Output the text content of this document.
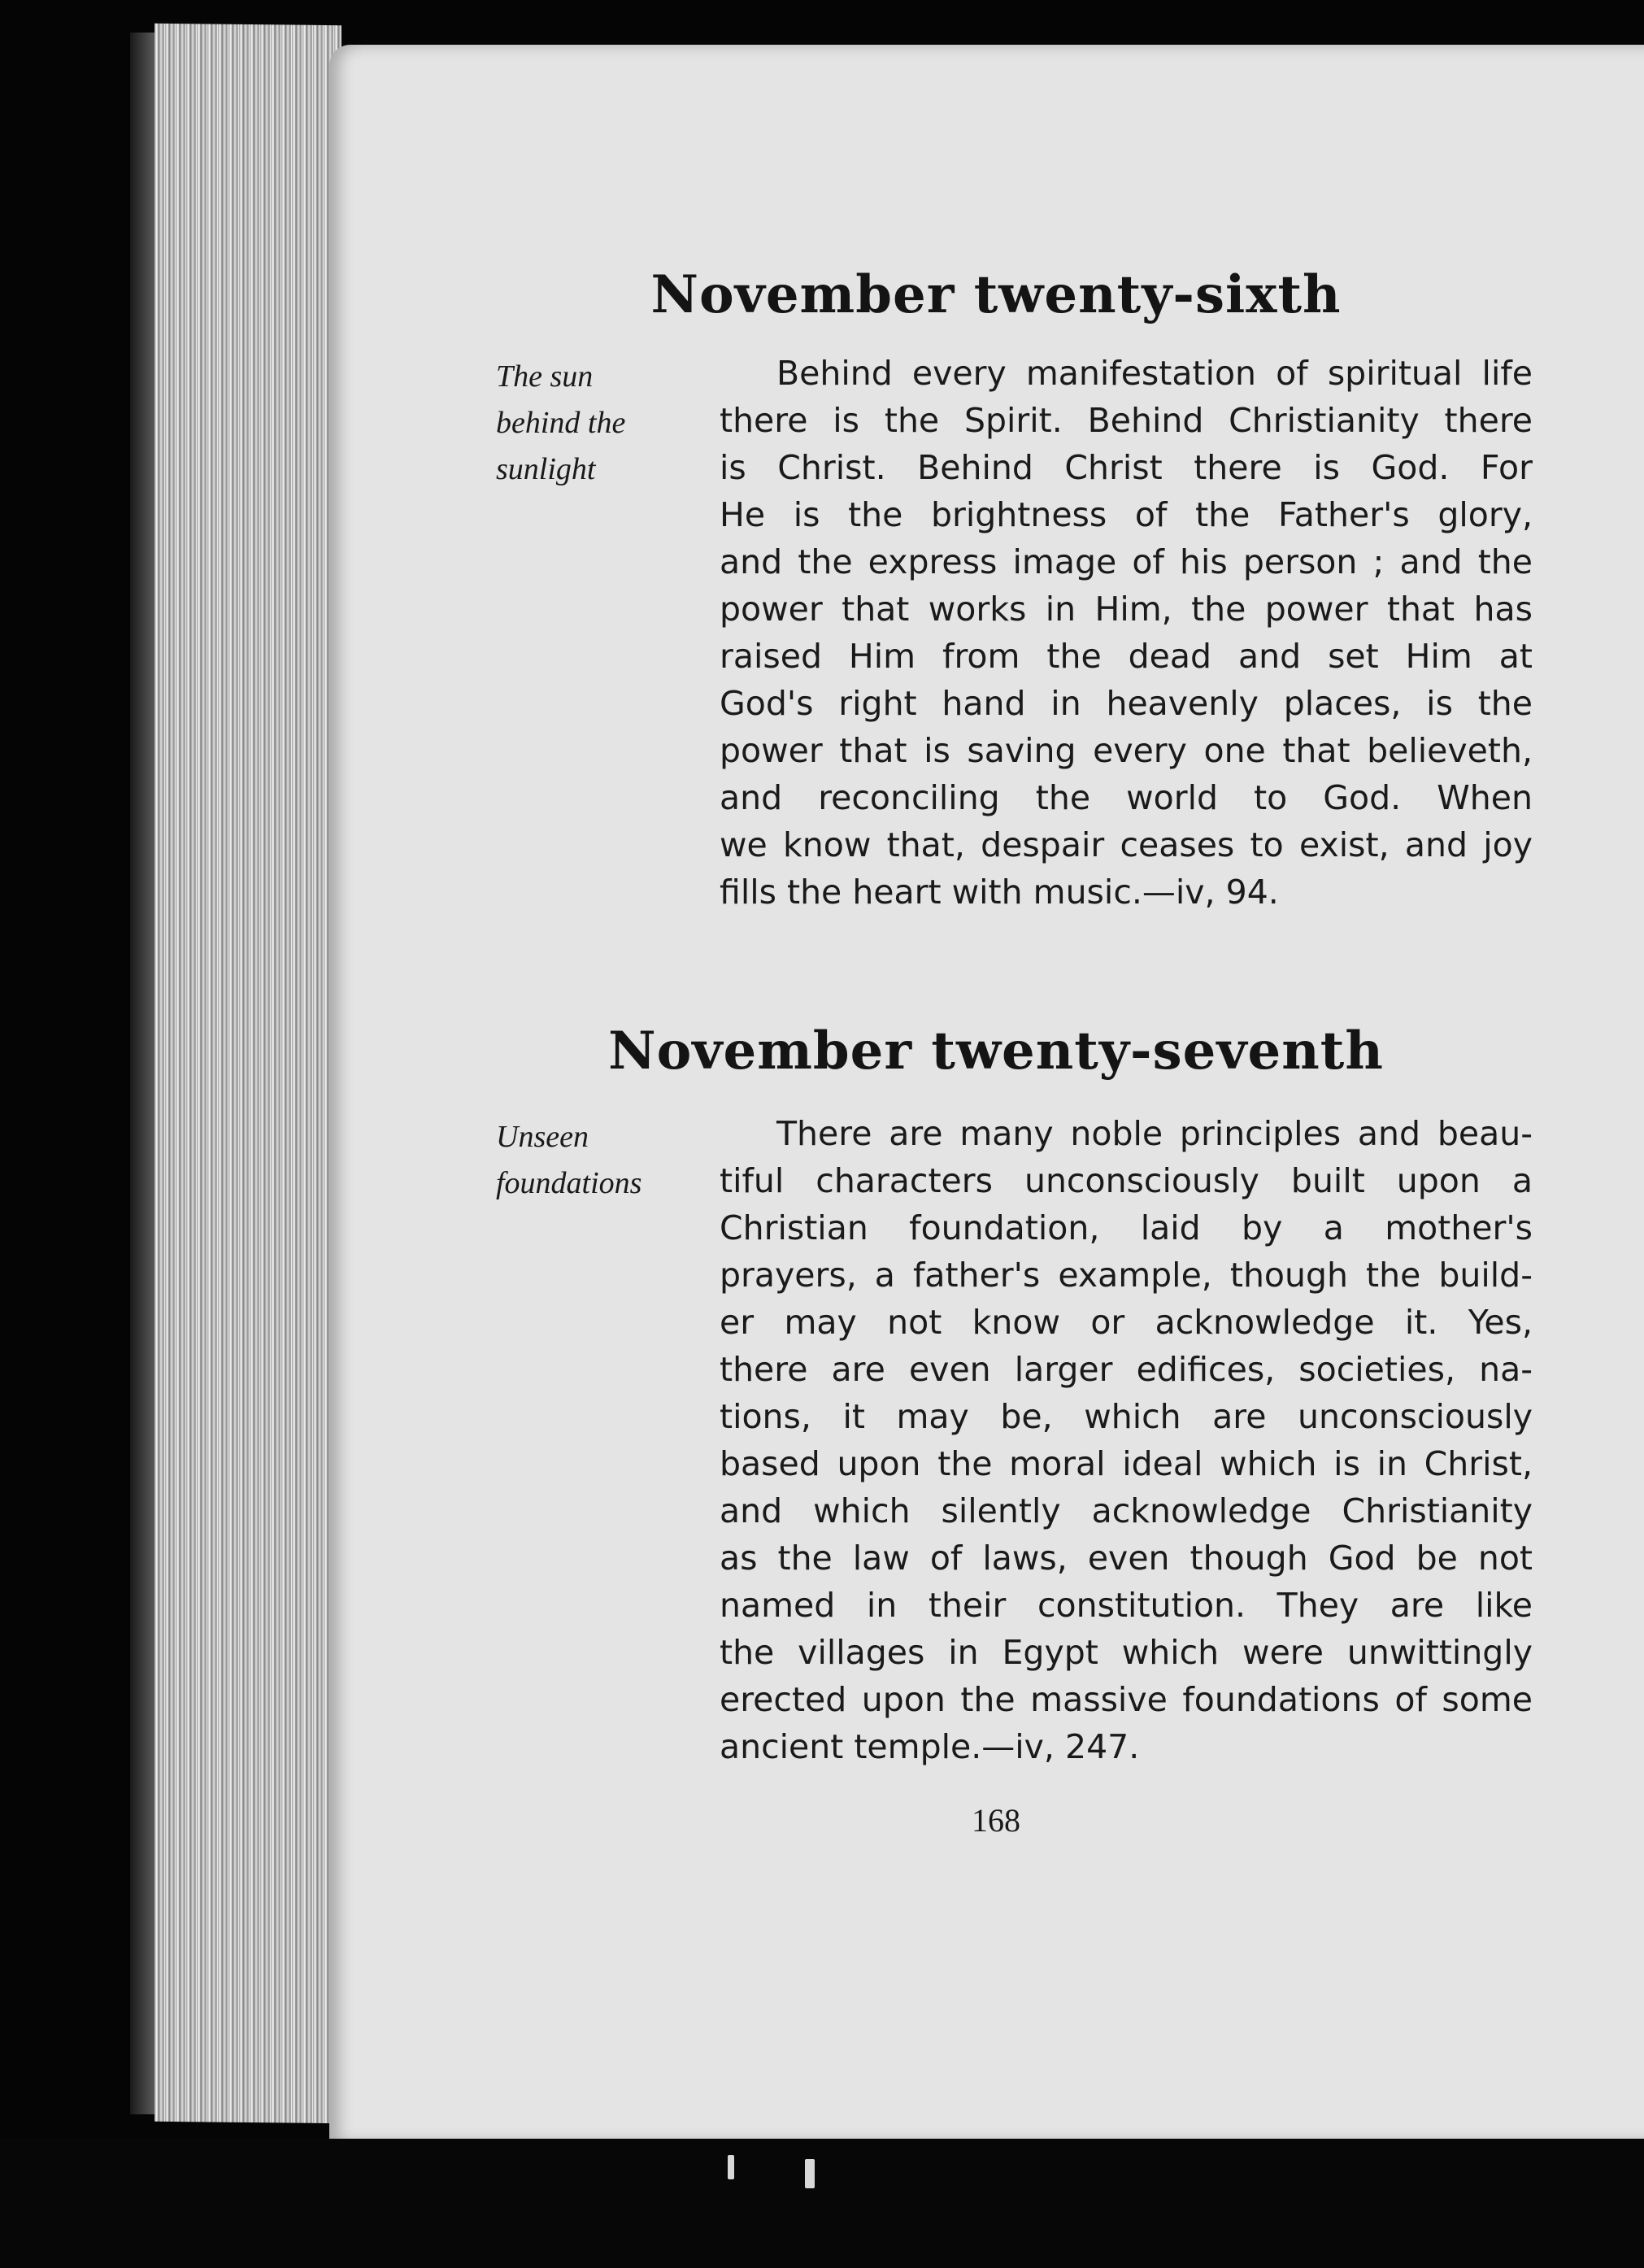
November twenty-sixth
The sun
behind the
sunlight
Behind every manifestation of spiritual life
there is the Spirit. Behind Christianity there
is Christ. Behind Christ there is God. For
He is the brightness of the Father's glory,
and the express image of his person ; and the
power that works in Him, the power that has
raised Him from the dead and set Him at
God's right hand in heavenly places, is the
power that is saving every one that believeth,
and reconciling the world to God. When
we know that, despair ceases to exist, and joy
fills the heart with music.—iv, 94.
November twenty-seventh
Unseen
foundations
There are many noble principles and beau-
tiful characters unconsciously built upon a
Christian foundation, laid by a mother's
prayers, a father's example, though the build-
er may not know or acknowledge it. Yes,
there are even larger edifices, societies, na-
tions, it may be, which are unconsciously
based upon the moral ideal which is in Christ,
and which silently acknowledge Christianity
as the law of laws, even though God be not
named in their constitution. They are like
the villages in Egypt which were unwittingly
erected upon the massive foundations of some
ancient temple.—iv, 247.
168
